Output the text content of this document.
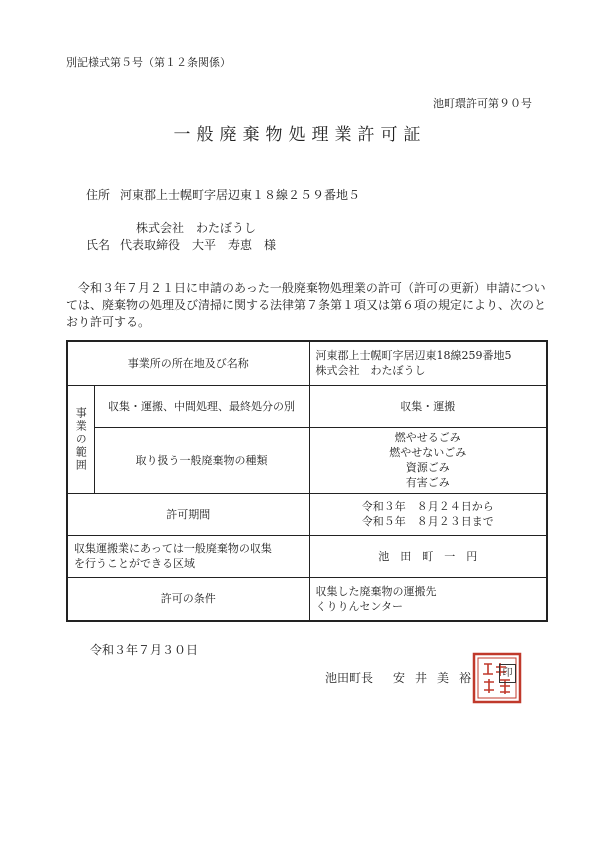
別記様式第５号（第１２条関係）
池町環許可第９０号
一般廃棄物処理業許可証
住所 河東郡上士幌町字居辺東１８線２５９番地５
株式会社　わたぼうし
氏名 代表取締役　大平　寿恵　様
令和３年７月２１日に申請のあった一般廃棄物処理業の許可（許可の更新）申請については、廃棄物の処理及び清掃に関する法律第７条第１項又は第６項の規定により、次のとおり許可する。
事業所の所在地及び名称		河東郡上士幌町字居辺東18線259番地5
株式会社　わたぼうし

事業の範囲	収集・運搬、中間処理、最終処分の別	収集・運搬
	取り扱う一般廃棄物の種類	燃やせるごみ
燃やせないごみ
資源ごみ
有害ごみ

許可期間		令和３年　８月２４日から
令和５年　８月２３日まで

収集運搬業にあっては一般廃棄物の収集
を行うことができる区域		池　田　町　一　円
許可の条件		収集した廃棄物の運搬先
くりりんセンター
令和３年７月３０日
池田町長 安井美裕	印
